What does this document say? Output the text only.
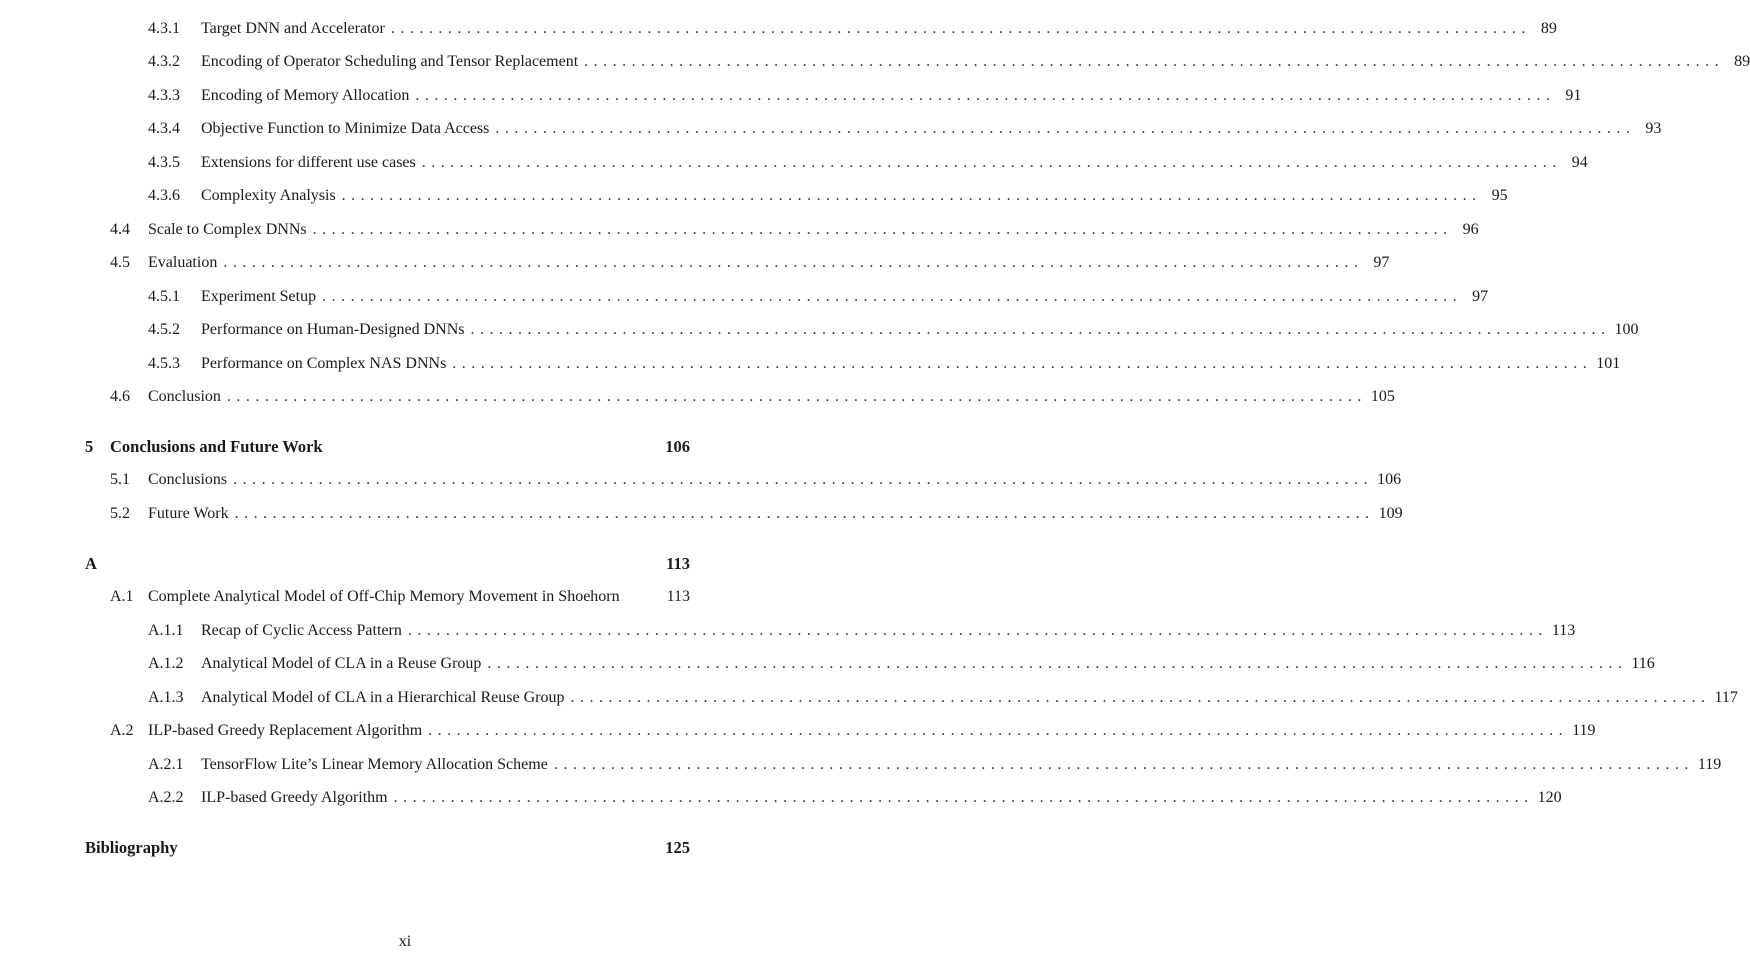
4.3.1	Target DNN and Accelerator ........................................................................................................................ 89
4.3.2	Encoding of Operator Scheduling and Tensor Replacement ........................................................................................................................ 89
4.3.3	Encoding of Memory Allocation ........................................................................................................................ 91
4.3.4	Objective Function to Minimize Data Access ........................................................................................................................ 93
4.3.5	Extensions for different use cases ........................................................................................................................ 94
4.3.6	Complexity Analysis ........................................................................................................................ 95
4.4	Scale to Complex DNNs ........................................................................................................................ 96
4.5	Evaluation ........................................................................................................................ 97
4.5.1	Experiment Setup ........................................................................................................................ 97
4.5.2	Performance on Human-Designed DNNs ........................................................................................................................ 100
4.5.3	Performance on Complex NAS DNNs ........................................................................................................................ 101
4.6	Conclusion ........................................................................................................................ 105
5	Conclusions and Future Work	106
5.1	Conclusions ........................................................................................................................ 106
5.2	Future Work ........................................................................................................................ 109
A	113
A.1 Complete Analytical Model of Off-Chip Memory Movement in Shoehorn	113
A.1.1	Recap of Cyclic Access Pattern ........................................................................................................................ 113
A.1.2	Analytical Model of CLA in a Reuse Group ........................................................................................................................ 116
A.1.3	Analytical Model of CLA in a Hierarchical Reuse Group ........................................................................................................................ 117
A.2 ILP-based Greedy Replacement Algorithm ........................................................................................................................ 119
A.2.1	TensorFlow Lite’s Linear Memory Allocation Scheme ........................................................................................................................ 119
A.2.2	ILP-based Greedy Algorithm ........................................................................................................................ 120
Bibliography	125
xi
